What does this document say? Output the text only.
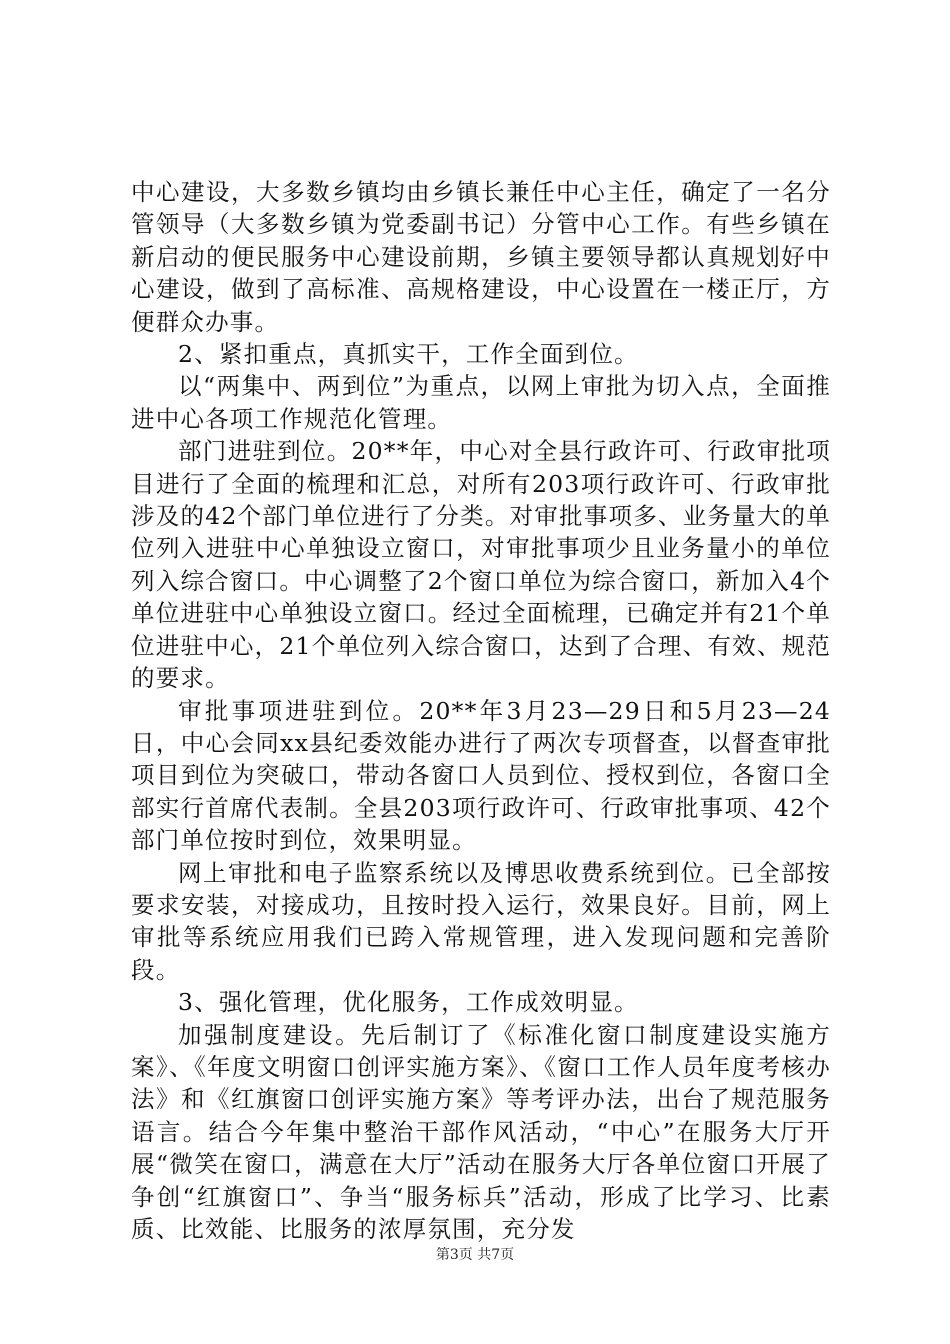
中心建设，大多数乡镇均由乡镇长兼任中心主任，确定了一名分管领导（大多数乡镇为党委副书记）分管中心工作。有些乡镇在新启动的便民服务中心建设前期，乡镇主要领导都认真规划好中心建设，做到了高标准、高规格建设，中心设置在一楼正厅，方便群众办事。

2、紧扣重点，真抓实干，工作全面到位。

以“两集中、两到位”为重点，以网上审批为切入点，全面推进中心各项工作规范化管理。

部门进驻到位。20**年，中心对全县行政许可、行政审批项目进行了全面的梳理和汇总，对所有203项行政许可、行政审批涉及的42个部门单位进行了分类。对审批事项多、业务量大的单位列入进驻中心单独设立窗口，对审批事项少且业务量小的单位列入综合窗口。中心调整了2个窗口单位为综合窗口，新加入4个单位进驻中心单独设立窗口。经过全面梳理，已确定并有21个单位进驻中心，21个单位列入综合窗口，达到了合理、有效、规范的要求。

审批事项进驻到位。20**年3月23—29日和5月23—24日，中心会同xx县纪委效能办进行了两次专项督查，以督查审批项目到位为突破口，带动各窗口人员到位、授权到位，各窗口全部实行首席代表制。全县203项行政许可、行政审批事项、42个部门单位按时到位，效果明显。

网上审批和电子监察系统以及博思收费系统到位。已全部按要求安装，对接成功，且按时投入运行，效果良好。目前，网上审批等系统应用我们已跨入常规管理，进入发现问题和完善阶段。

3、强化管理，优化服务，工作成效明显。

加强制度建设。先后制订了《标准化窗口制度建设实施方案》、《年度文明窗口创评实施方案》、《窗口工作人员年度考核办法》和《红旗窗口创评实施方案》等考评办法，出台了规范服务语言。结合今年集中整治干部作风活动，“中心”在服务大厅开展“微笑在窗口，满意在大厅”活动在服务大厅各单位窗口开展了争创“红旗窗口”、争当“服务标兵”活动，形成了比学习、比素质、比效能、比服务的浓厚氛围，充分发

第3页 共7页
